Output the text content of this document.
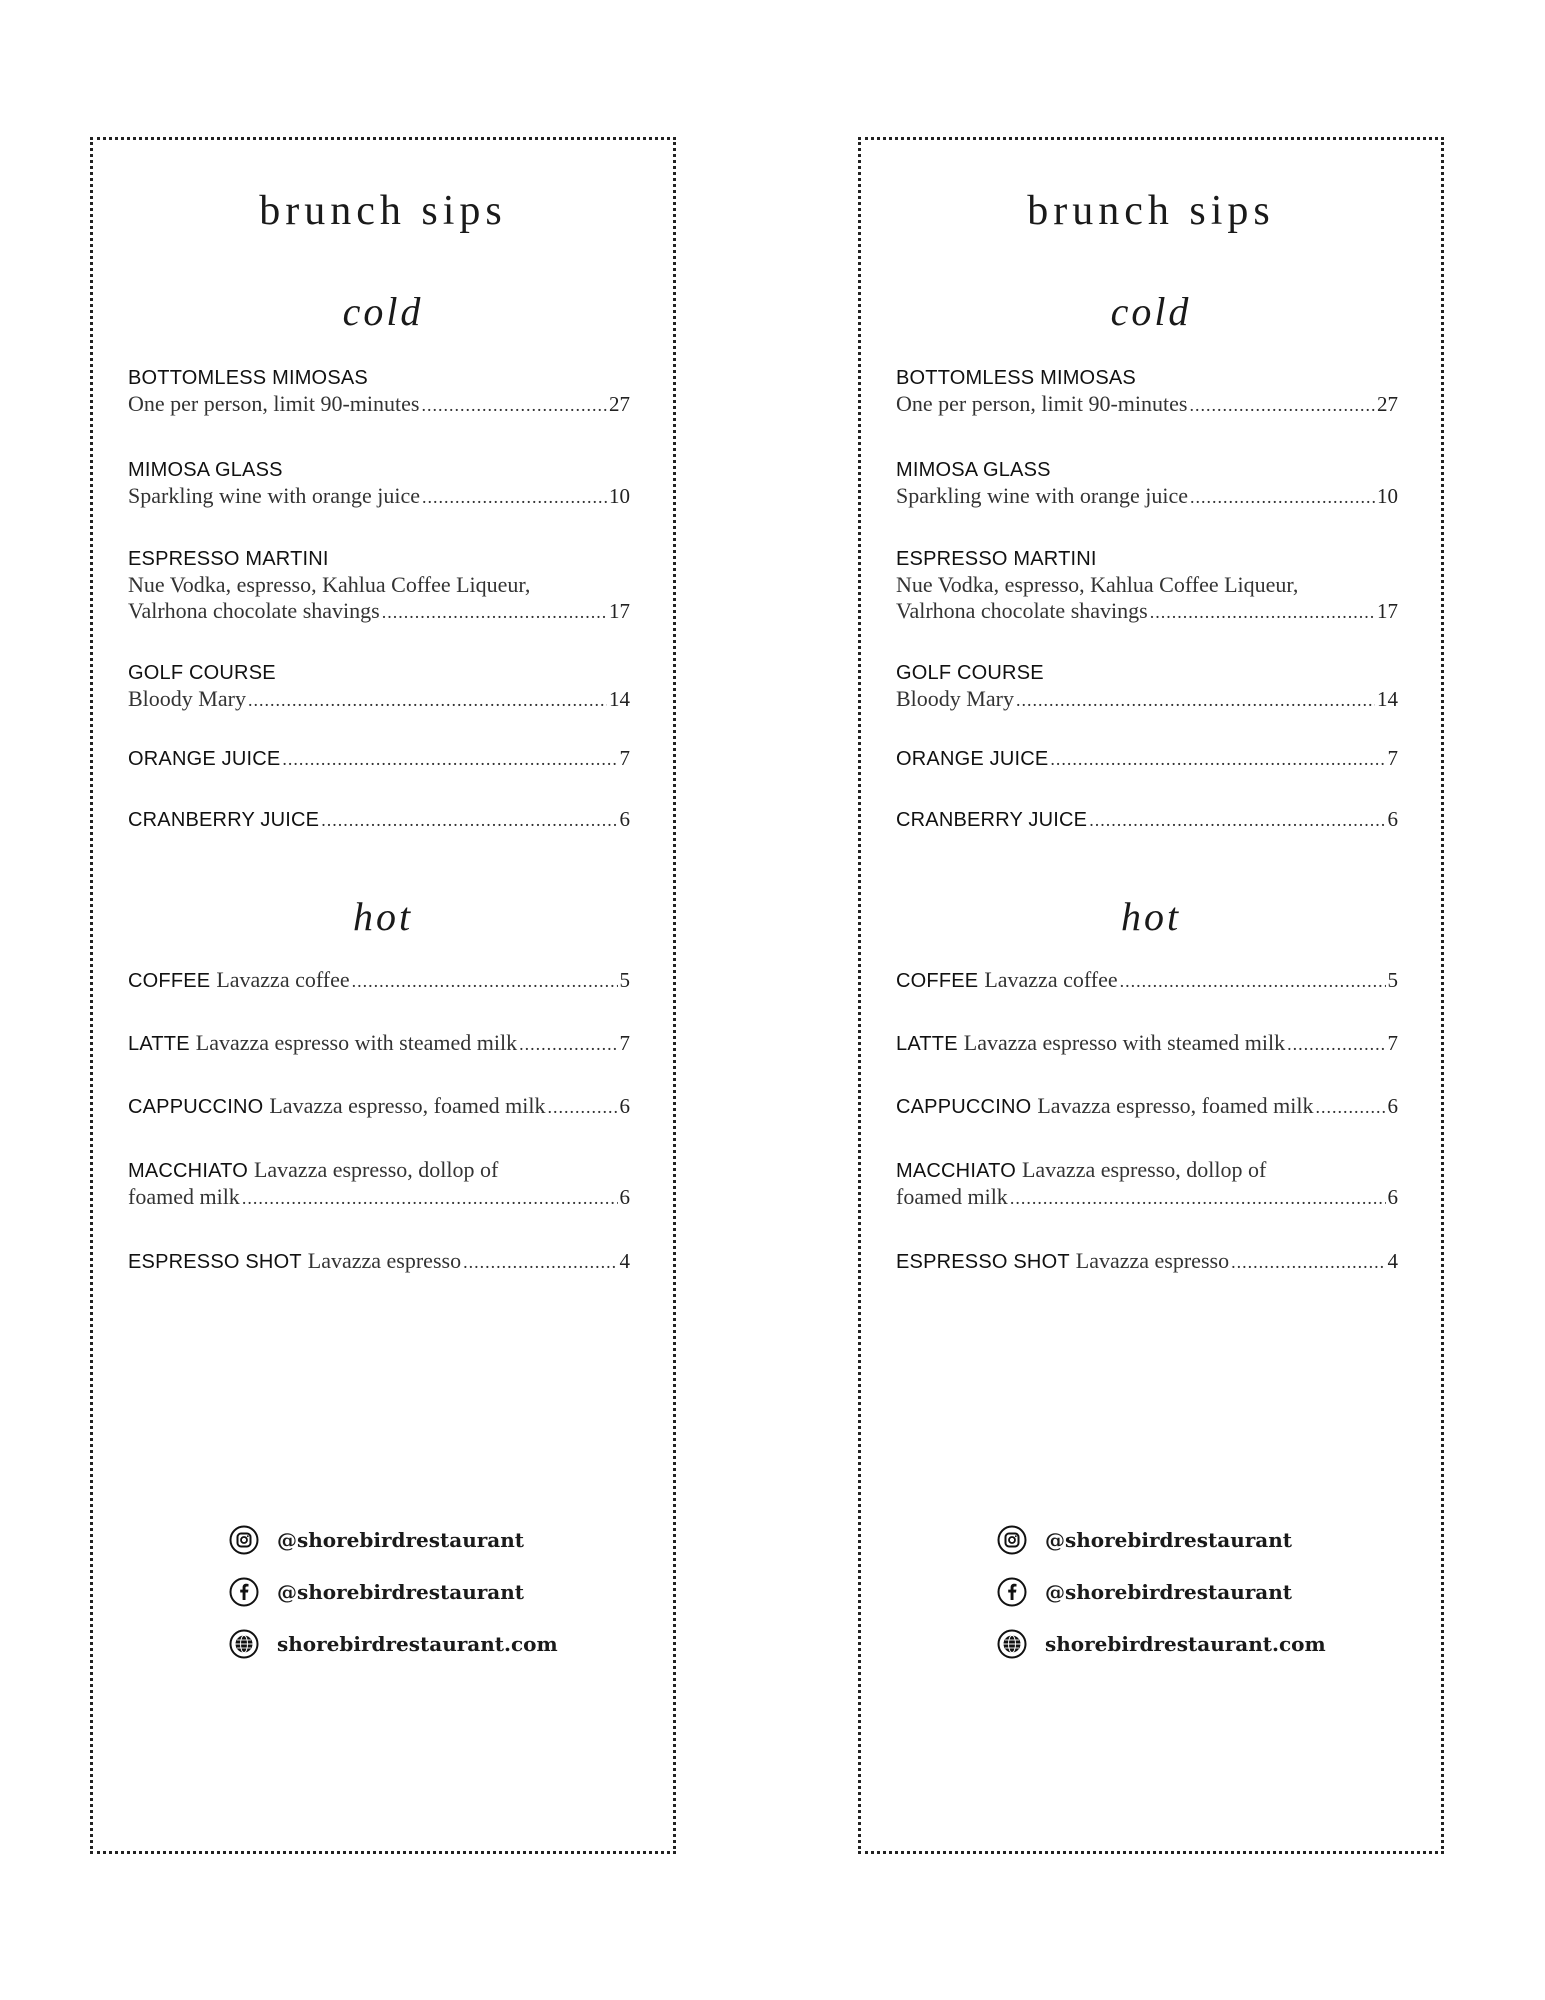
brunch sips
cold
BOTTOMLESS MIMOSAS
One per person, limit 90-minutes .....	27
MIMOSA GLASS
Sparkling wine with orange juice .....	10
ESPRESSO MARTINI
Nue Vodka, espresso, Kahlua Coffee Liqueur,
Valrhona chocolate shavings .....	17
GOLF COURSE
Bloody Mary .....	14
ORANGE JUICE .....	7
CRANBERRY JUICE .....	6
hot
COFFEE Lavazza coffee .....	5
LATTE Lavazza espresso with steamed milk .....	7
CAPPUCCINO Lavazza espresso, foamed milk .....	6
MACCHIATO Lavazza espresso, dollop of
foamed milk .....	6
ESPRESSO SHOT Lavazza espresso .....	4
@shorebirdrestaurant
@shorebirdrestaurant
shorebirdrestaurant.com
brunch sips
cold
BOTTOMLESS MIMOSAS
One per person, limit 90-minutes .....	27
MIMOSA GLASS
Sparkling wine with orange juice .....	10
ESPRESSO MARTINI
Nue Vodka, espresso, Kahlua Coffee Liqueur,
Valrhona chocolate shavings .....	17
GOLF COURSE
Bloody Mary .....	14
ORANGE JUICE .....	7
CRANBERRY JUICE .....	6
hot
COFFEE Lavazza coffee .....	5
LATTE Lavazza espresso with steamed milk .....	7
CAPPUCCINO Lavazza espresso, foamed milk .....	6
MACCHIATO Lavazza espresso, dollop of
foamed milk .....	6
ESPRESSO SHOT Lavazza espresso .....	4
@shorebirdrestaurant
@shorebirdrestaurant
shorebirdrestaurant.com
